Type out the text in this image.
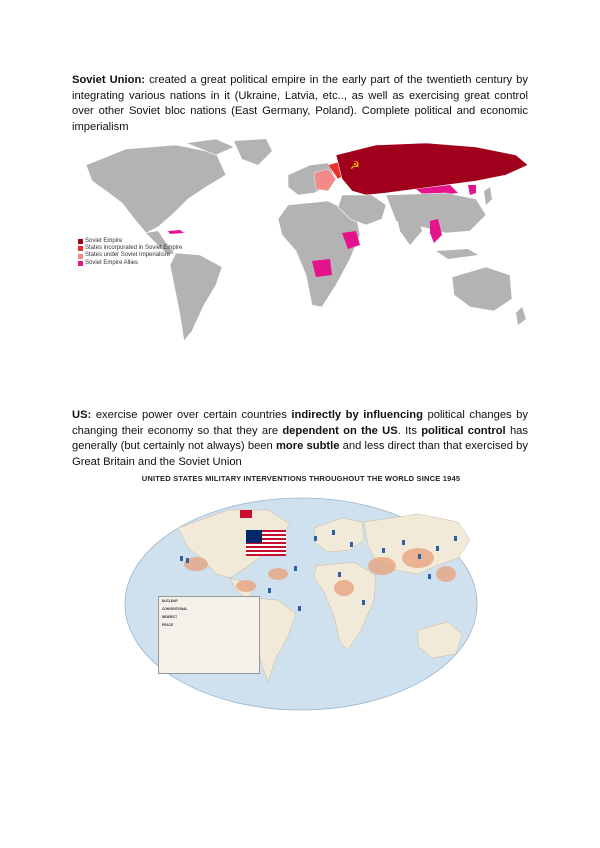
Soviet Union: created a great political empire in the early part of the twentieth century by integrating various nations in it (Ukraine, Latvia, etc.., as well as exercising great control over other Soviet bloc nations (East Germany, Poland). Complete political and economic imperialism
☭
Soviet Empire
States incorporated in Soviet Empire
States under Soviet Imperialism
Soviet Empire Allies
US: exercise power over certain countries indirectly by influencing political changes by changing their economy so that they are dependent on the US. Its political control has generally (but certainly not always) been more subtle and less direct than that exercised by Great Britain and the Soviet Union
UNITED STATES MILITARY INTERVENTIONS THROUGHOUT THE WORLD SINCE 1945
NUCLEAR
CONVENTIONAL
INDIRECT
PEACE
